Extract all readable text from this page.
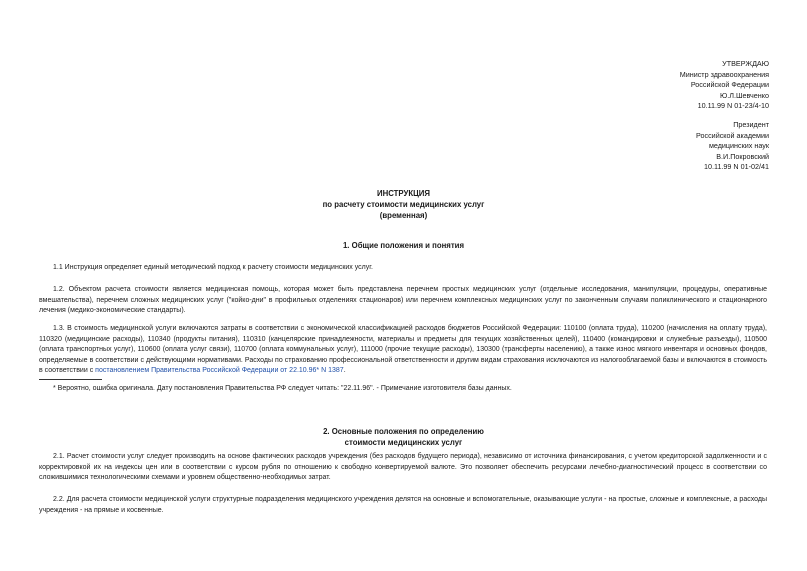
УТВЕРЖДАЮ
Министр здравоохранения
Российской Федерации
Ю.Л.Шевченко
10.11.99 N 01-23/4-10
Президент
Российской академии
медицинских наук
В.И.Покровский
10.11.99 N 01-02/41
ИНСТРУКЦИЯ
по расчету стоимости медицинских услуг
(временная)
1. Общие положения и понятия
1.1 Инструкция определяет единый методический подход к расчету стоимости медицинских услуг.
1.2. Объектом расчета стоимости является медицинская помощь, которая может быть представлена перечнем простых медицинских услуг (отдельные исследования, манипуляции, процедуры, оперативные вмешательства), перечнем сложных медицинских услуг ("койко-дни" в профильных отделениях стационаров) или перечнем комплексных медицинских услуг по законченным случаям поликлинического и стационарного лечения (медико-экономические стандарты).
1.3. В стоимость медицинской услуги включаются затраты в соответствии с экономической классификацией расходов бюджетов Российской Федерации: 110100 (оплата труда), 110200 (начисления на оплату труда), 110320 (медицинские расходы), 110340 (продукты питания), 110310 (канцелярские принадлежности, материалы и предметы для текущих хозяйственных целей), 110400 (командировки и служебные разъезды), 110500 (оплата транспортных услуг), 110600 (оплата услуг связи), 110700 (оплата коммунальных услуг), 111000 (прочие текущие расходы), 130300 (трансферты населению), а также износ мягкого инвентаря и основных фондов, определяемые в соответствии с действующими нормативами. Расходы по страхованию профессиональной ответственности и другим видам страхования исключаются из налогооблагаемой базы и включаются в стоимость в соответствии с постановлением Правительства Российской Федерации от 22.10.96* N 1387.
* Вероятно, ошибка оригинала. Дату постановления Правительства РФ следует читать: "22.11.96". - Примечание изготовителя базы данных.
2. Основные положения по определению
стоимости медицинских услуг
2.1. Расчет стоимости услуг следует производить на основе фактических расходов учреждения (без расходов будущего периода), независимо от источника финансирования, с учетом кредиторской задолженности и с корректировкой их на индексы цен или в соответствии с курсом рубля по отношению к свободно конвертируемой валюте. Это позволяет обеспечить ресурсами лечебно-диагностический процесс в соответствии со сложившимися технологическими схемами и уровнем общественно-необходимых затрат.
2.2. Для расчета стоимости медицинской услуги структурные подразделения медицинского учреждения делятся на основные и вспомогательные, оказывающие услуги - на простые, сложные и комплексные, а расходы учреждения - на прямые и косвенные.
